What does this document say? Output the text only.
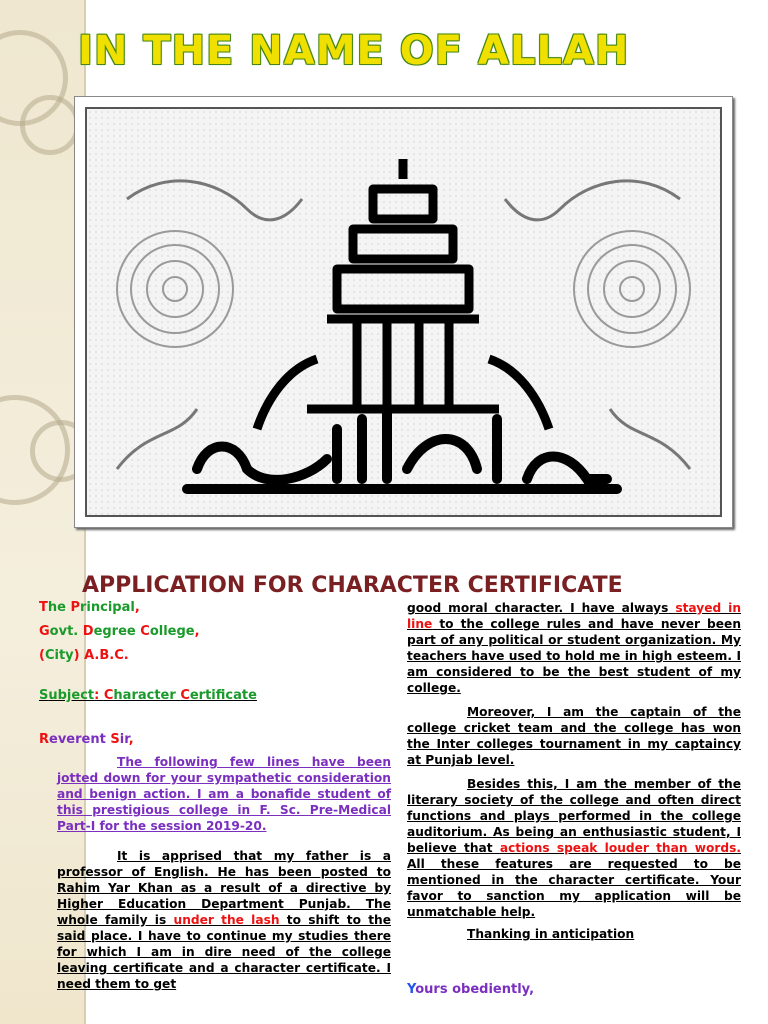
IN THE NAME OF ALLAH
APPLICATION FOR CHARACTER CERTIFICATE
The Principal,
Govt. Degree College,
(City) A.B.C.
Subject: Character Certificate
Reverent Sir,

The following few lines have been jotted down for your sympathetic consideration and benign action. I am a bonafide student of this prestigious college in F. Sc. Pre-Medical Part-I for the session 2019-20.

It is apprised that my father is a professor of English. He has been posted to Rahim Yar Khan as a result of a directive by Higher Education Department Punjab. The whole family is under the lash to shift to the said place. I have to continue my studies there for which I am in dire need of the college leaving certificate and a character certificate. I need them to get

good moral character. I have always stayed in line to the college rules and have never been part of any political or student organization. My teachers have used to hold me in high esteem. I am considered to be the best student of my college.

Moreover, I am the captain of the college cricket team and the college has won the Inter colleges tournament in my captaincy at Punjab level.

Besides this, I am the member of the literary society of the college and often direct functions and plays performed in the college auditorium. As being an enthusiastic student, I believe that actions speak louder than words. All these features are requested to be mentioned in the character certificate. Your favor to sanction my application will be unmatchable help.

Thanking in anticipation
Yours obediently,
